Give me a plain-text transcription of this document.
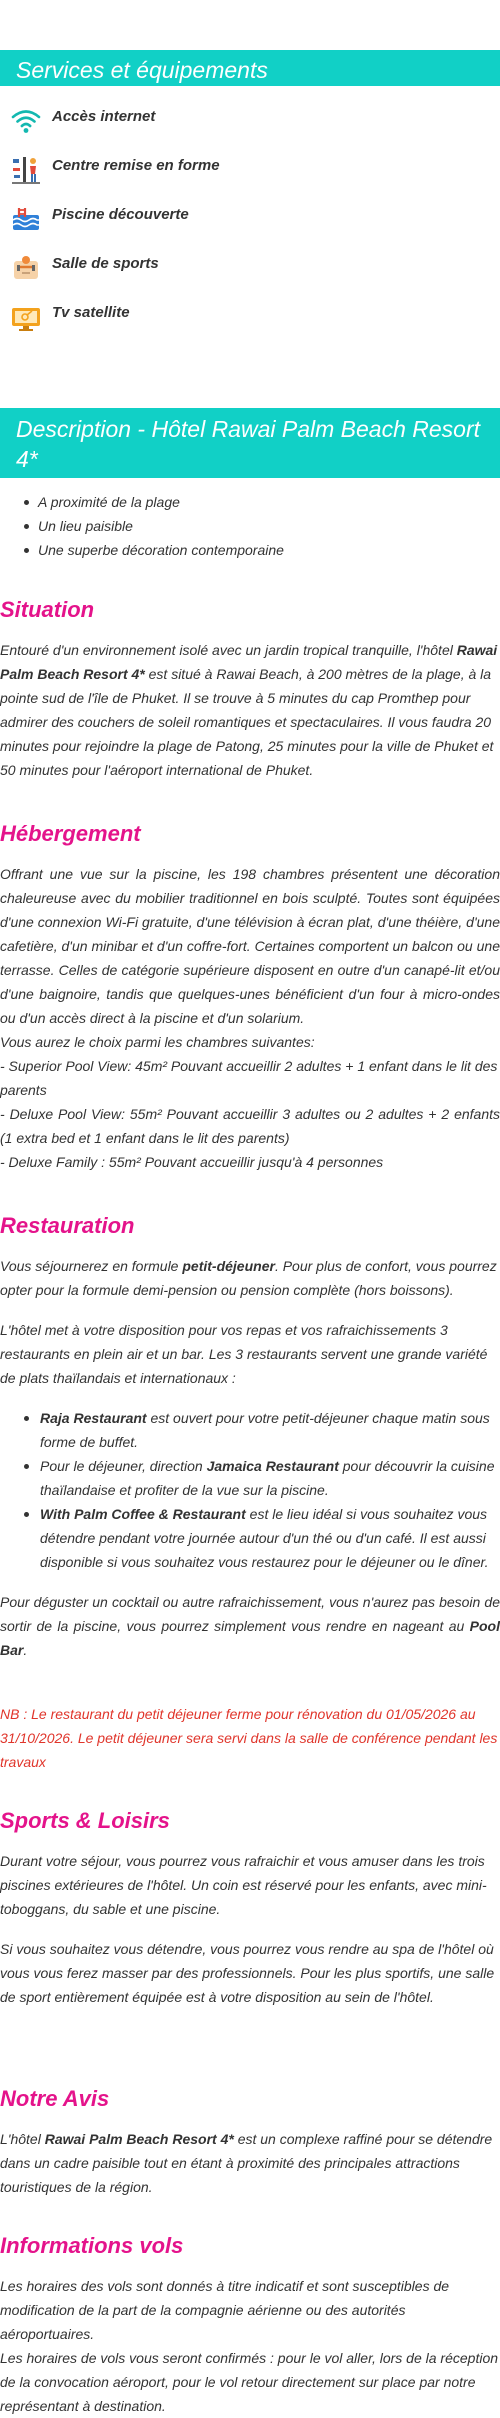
Services et équipements
Accès internet
Centre remise en forme
Piscine découverte
Salle de sports
Tv satellite
Description - Hôtel Rawai Palm Beach Resort 4*
A proximité de la plage
Un lieu paisible
Une superbe décoration contemporaine
Situation

Entouré d'un environnement isolé avec un jardin tropical tranquille, l'hôtel Rawai Palm Beach Resort 4* est situé à Rawai Beach, à 200 mètres de la plage, à la pointe sud de l'île de Phuket. Il se trouve à 5 minutes du cap Promthep pour admirer des couchers de soleil romantiques et spectaculaires. Il vous faudra 20 minutes pour rejoindre la plage de Patong, 25 minutes pour la ville de Phuket et 50 minutes pour l'aéroport international de Phuket.

Hébergement

Offrant une vue sur la piscine, les 198 chambres présentent une décoration chaleureuse avec du mobilier traditionnel en bois sculpté. Toutes sont équipées d'une connexion Wi-Fi gratuite, d'une télévision à écran plat, d'une théière, d'une cafetière, d'un minibar et d'un coffre-fort. Certaines comportent un balcon ou une terrasse. Celles de catégorie supérieure disposent en outre d'un canapé-lit et/ou d'une baignoire, tandis que quelques-unes bénéficient d'un four à micro-ondes ou d'un accès direct à la piscine et d'un solarium.

Vous aurez le choix parmi les chambres suivantes:

- Superior Pool View: 45m² Pouvant accueillir 2 adultes + 1 enfant dans le lit des parents

- Deluxe Pool View: 55m² Pouvant accueillir 3 adultes ou 2 adultes + 2 enfants (1 extra bed et 1 enfant dans le lit des parents)

- Deluxe Family : 55m² Pouvant accueillir jusqu'à 4 personnes

Restauration

Vous séjournerez en formule petit-déjeuner. Pour plus de confort, vous pourrez opter pour la formule demi-pension ou pension complète (hors boissons).

L'hôtel met à votre disposition pour vos repas et vos rafraichissements 3 restaurants en plein air et un bar. Les 3 restaurants servent une grande variété de plats thaïlandais et internationaux :

Raja Restaurant est ouvert pour votre petit-déjeuner chaque matin sous forme de buffet.
Pour le déjeuner, direction Jamaica Restaurant pour découvrir la cuisine thaïlandaise et profiter de la vue sur la piscine.
With Palm Coffee & Restaurant est le lieu idéal si vous souhaitez vous détendre pendant votre journée autour d'un thé ou d'un café. Il est aussi disponible si vous souhaitez vous restaurez pour le déjeuner ou le dîner.

Pour déguster un cocktail ou autre rafraichissement, vous n'aurez pas besoin de sortir de la piscine, vous pourrez simplement vous rendre en nageant au Pool Bar.

NB : Le restaurant du petit déjeuner ferme pour rénovation du 01/05/2026 au 31/10/2026. Le petit déjeuner sera servi dans la salle de conférence pendant les travaux

Sports & Loisirs

Durant votre séjour, vous pourrez vous rafraichir et vous amuser dans les trois piscines extérieures de l'hôtel. Un coin est réservé pour les enfants, avec mini-toboggans, du sable et une piscine.

Si vous souhaitez vous détendre, vous pourrez vous rendre au spa de l'hôtel où vous vous ferez masser par des professionnels. Pour les plus sportifs, une salle de sport entièrement équipée est à votre disposition au sein de l'hôtel.

Notre Avis

L'hôtel Rawai Palm Beach Resort 4* est un complexe raffiné pour se détendre dans un cadre paisible tout en étant à proximité des principales attractions touristiques de la région.

Informations vols

Les horaires des vols sont donnés à titre indicatif et sont susceptibles de modification de la part de la compagnie aérienne ou des autorités aéroportuaires.

Les horaires de vols vous seront confirmés : pour le vol aller, lors de la réception de la convocation aéroport, pour le vol retour directement sur place par notre représentant à destination.
